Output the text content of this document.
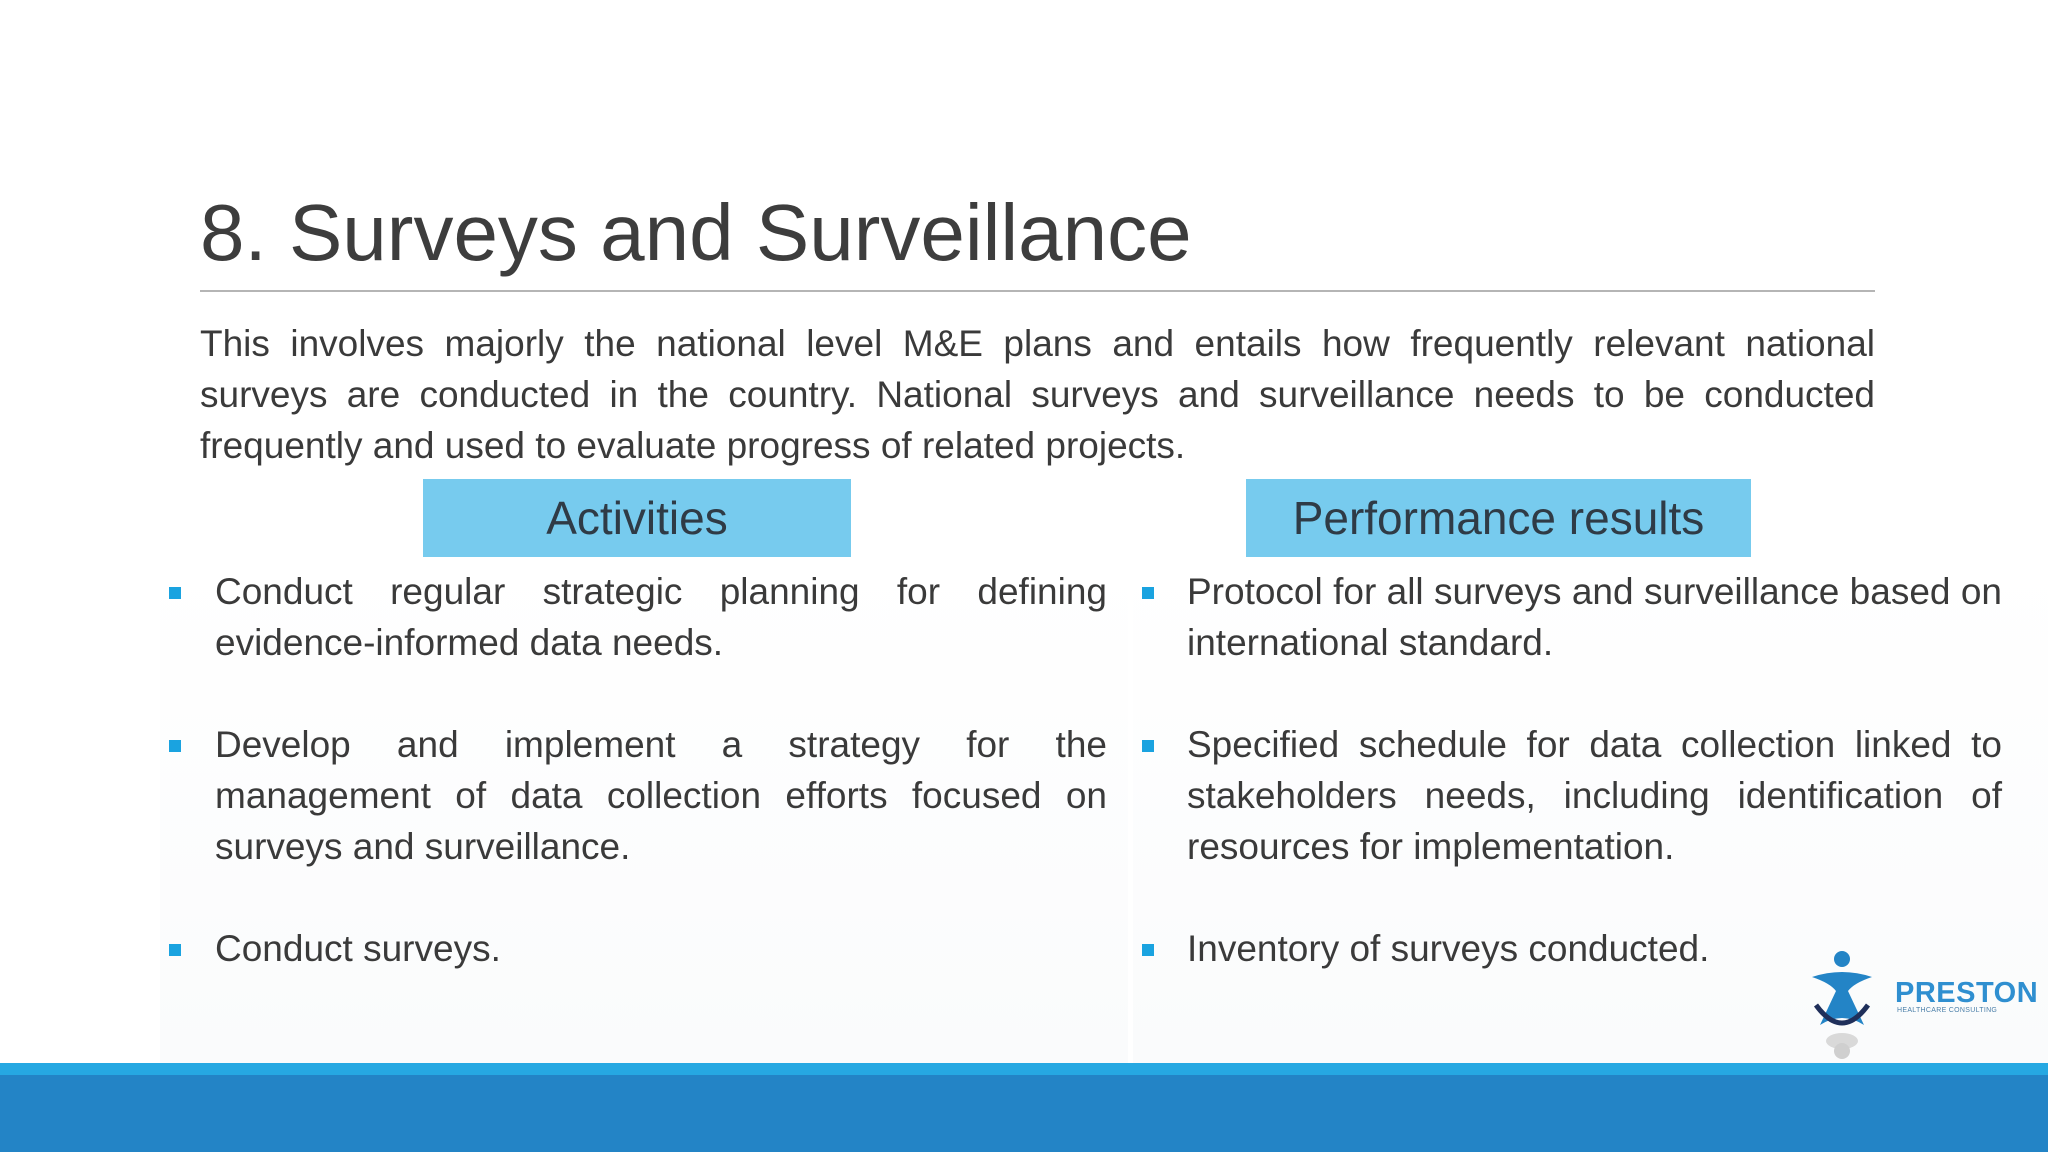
8. Surveys and Surveillance

This involves majorly the national level M&E plans and entails how frequently relevant national surveys are conducted in the country. National surveys and surveillance needs to be conducted frequently and used to evaluate progress of related projects.

Activities	Performance results
Conduct regular strategic planning for defining evidence-informed data needs.
Develop and implement a strategy for the management of data collection efforts focused on surveys and surveillance.
Conduct surveys.
Protocol for all surveys and surveillance based on international standard.
Specified schedule for data collection linked to stakeholders needs, including identification of resources for implementation.
Inventory of surveys conducted.
PRESTON
HEALTHCARE CONSULTING
